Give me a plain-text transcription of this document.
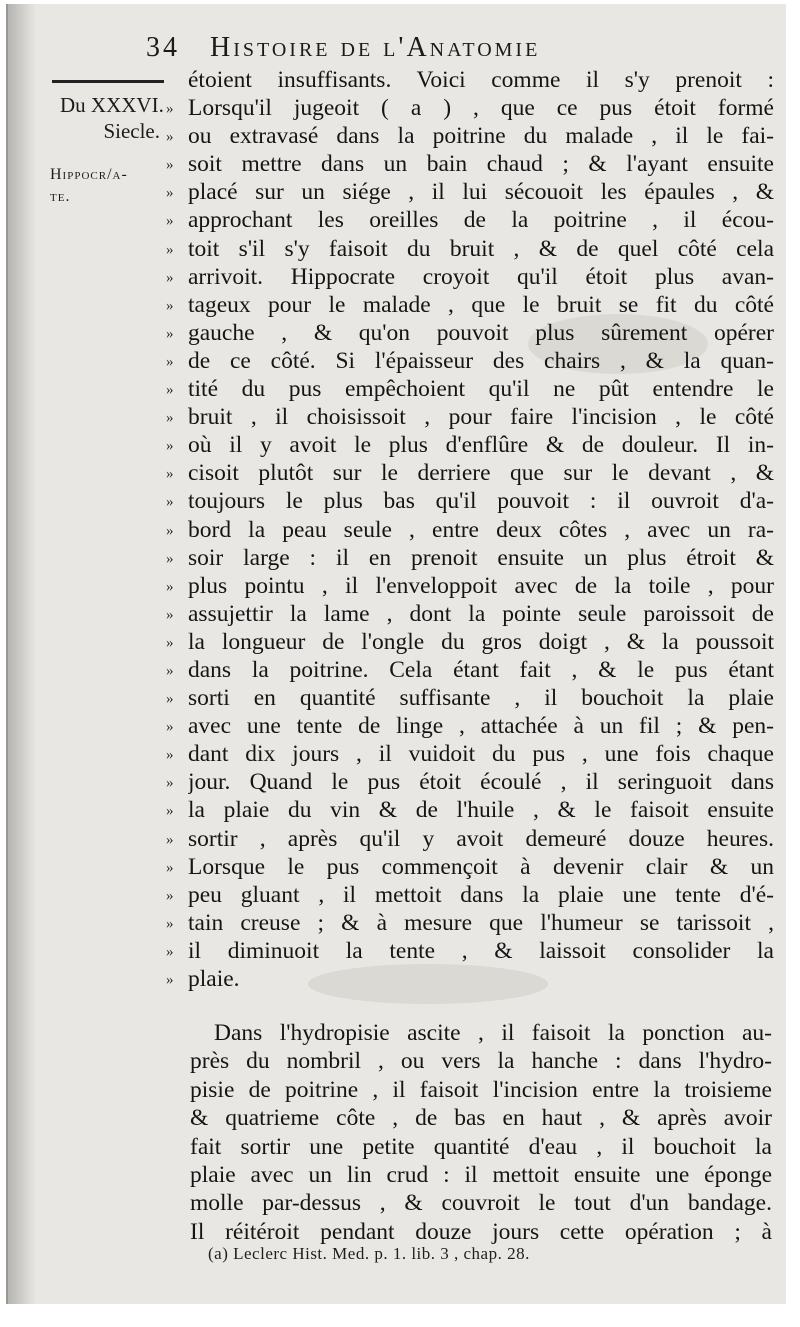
34 Histoire de l'Anatomie
Du XXXVI.
Siecle.
Hippocr/a-
te.
étoient insuffisants. Voici comme il s'y prenoit :
» Lorsqu'il jugeoit ( a ) , que ce pus étoit formé
» ou extravasé dans la poitrine du malade , il le fai-
» soit mettre dans un bain chaud ; & l'ayant ensuite
» placé sur un siége , il lui sécouoit les épaules , &
» approchant les oreilles de la poitrine , il écou-
» toit s'il s'y faisoit du bruit , & de quel côté cela
» arrivoit. Hippocrate croyoit qu'il étoit plus avan-
» tageux pour le malade , que le bruit se fit du côté
» gauche , & qu'on pouvoit plus sûrement opérer
» de ce côté. Si l'épaisseur des chairs , & la quan-
» tité du pus empêchoient qu'il ne pût entendre le
» bruit , il choisissoit , pour faire l'incision , le côté
» où il y avoit le plus d'enflûre & de douleur. Il in-
» cisoit plutôt sur le derriere que sur le devant , &
» toujours le plus bas qu'il pouvoit : il ouvroit d'a-
» bord la peau seule , entre deux côtes , avec un ra-
» soir large : il en prenoit ensuite un plus étroit &
» plus pointu , il l'enveloppoit avec de la toile , pour
» assujettir la lame , dont la pointe seule paroissoit de
» la longueur de l'ongle du gros doigt , & la poussoit
» dans la poitrine. Cela étant fait , & le pus étant
» sorti en quantité suffisante , il bouchoit la plaie
» avec une tente de linge , attachée à un fil ; & pen-
» dant dix jours , il vuidoit du pus , une fois chaque
» jour. Quand le pus étoit écoulé , il seringuoit dans
» la plaie du vin & de l'huile , & le faisoit ensuite
» sortir , après qu'il y avoit demeuré douze heures.
» Lorsque le pus commençoit à devenir clair & un
» peu gluant , il mettoit dans la plaie une tente d'é-
» tain creuse ; & à mesure que l'humeur se tarissoit ,
» il diminuoit la tente , & laissoit consolider la
» plaie.
Dans l'hydropisie ascite , il faisoit la ponction au-
près du nombril , ou vers la hanche : dans l'hydro-
pisie de poitrine , il faisoit l'incision entre la troisieme
& quatrieme côte , de bas en haut , & après avoir
fait sortir une petite quantité d'eau , il bouchoit la
plaie avec un lin crud : il mettoit ensuite une éponge
molle par-dessus , & couvroit le tout d'un bandage.
Il réitéroit pendant douze jours cette opération ; à
(a) Leclerc Hist. Med. p. 1. lib. 3 , chap. 28.
